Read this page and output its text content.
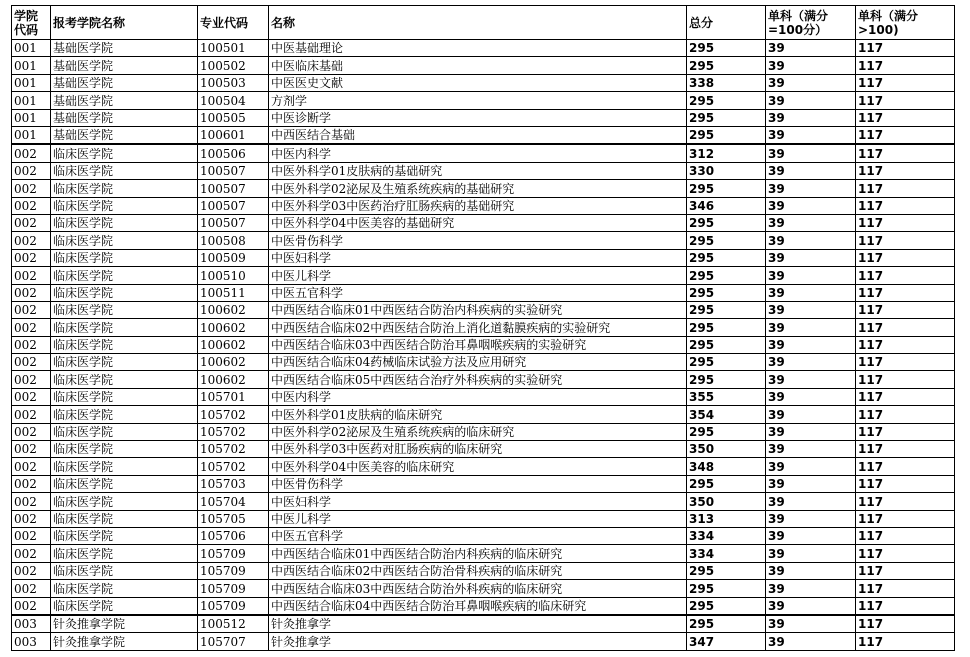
学院代码	报考学院名称	专业代码	名称	总分	单科（满分=100分）	单科（满分>100)
001	基础医学院	100501	中医基础理论	295	39	117
001	基础医学院	100502	中医临床基础	295	39	117
001	基础医学院	100503	中医医史文献	338	39	117
001	基础医学院	100504	方剂学	295	39	117
001	基础医学院	100505	中医诊断学	295	39	117
001	基础医学院	100601	中西医结合基础	295	39	117
002	临床医学院	100506	中医内科学	312	39	117
002	临床医学院	100507	中医外科学01皮肤病的基础研究	330	39	117
002	临床医学院	100507	中医外科学02泌尿及生殖系统疾病的基础研究	295	39	117
002	临床医学院	100507	中医外科学03中医药治疗肛肠疾病的基础研究	346	39	117
002	临床医学院	100507	中医外科学04中医美容的基础研究	295	39	117
002	临床医学院	100508	中医骨伤科学	295	39	117
002	临床医学院	100509	中医妇科学	295	39	117
002	临床医学院	100510	中医儿科学	295	39	117
002	临床医学院	100511	中医五官科学	295	39	117
002	临床医学院	100602	中西医结合临床01中西医结合防治内科疾病的实验研究	295	39	117
002	临床医学院	100602	中西医结合临床02中西医结合防治上消化道黏膜疾病的实验研究	295	39	117
002	临床医学院	100602	中西医结合临床03中西医结合防治耳鼻咽喉疾病的实验研究	295	39	117
002	临床医学院	100602	中西医结合临床04药械临床试验方法及应用研究	295	39	117
002	临床医学院	100602	中西医结合临床05中西医结合治疗外科疾病的实验研究	295	39	117
002	临床医学院	105701	中医内科学	355	39	117
002	临床医学院	105702	中医外科学01皮肤病的临床研究	354	39	117
002	临床医学院	105702	中医外科学02泌尿及生殖系统疾病的临床研究	295	39	117
002	临床医学院	105702	中医外科学03中医药对肛肠疾病的临床研究	350	39	117
002	临床医学院	105702	中医外科学04中医美容的临床研究	348	39	117
002	临床医学院	105703	中医骨伤科学	295	39	117
002	临床医学院	105704	中医妇科学	350	39	117
002	临床医学院	105705	中医儿科学	313	39	117
002	临床医学院	105706	中医五官科学	334	39	117
002	临床医学院	105709	中西医结合临床01中西医结合防治内科疾病的临床研究	334	39	117
002	临床医学院	105709	中西医结合临床02中西医结合防治骨科疾病的临床研究	295	39	117
002	临床医学院	105709	中西医结合临床03中西医结合防治外科疾病的临床研究	295	39	117
002	临床医学院	105709	中西医结合临床04中西医结合防治耳鼻咽喉疾病的临床研究	295	39	117
003	针灸推拿学院	100512	针灸推拿学	295	39	117
003	针灸推拿学院	105707	针灸推拿学	347	39	117
